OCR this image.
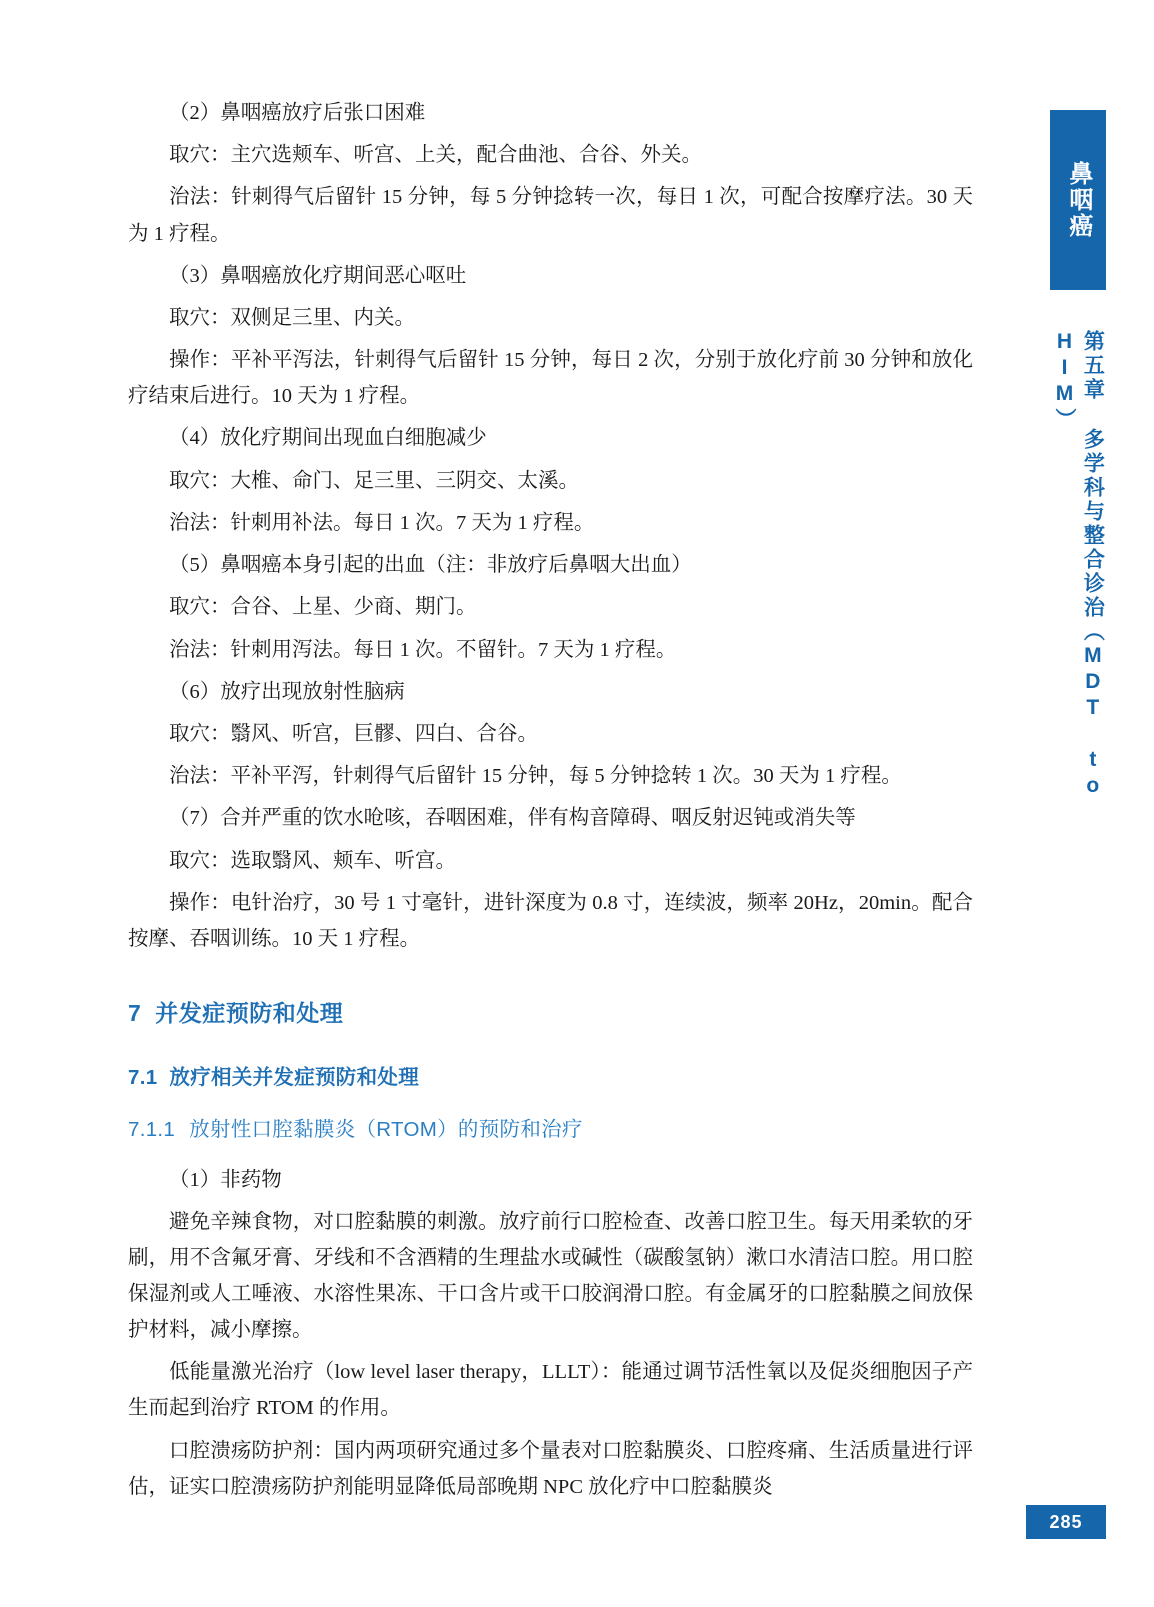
（2）鼻咽癌放疗后张口困难

取穴：主穴选颊车、听宫、上关，配合曲池、合谷、外关。

治法：针刺得气后留针 15 分钟，每 5 分钟捻转一次，每日 1 次，可配合按摩疗法。30 天为 1 疗程。

（3）鼻咽癌放化疗期间恶心呕吐

取穴：双侧足三里、内关。

操作：平补平泻法，针刺得气后留针 15 分钟，每日 2 次，分别于放化疗前 30 分钟和放化疗结束后进行。10 天为 1 疗程。

（4）放化疗期间出现血白细胞减少

取穴：大椎、命门、足三里、三阴交、太溪。

治法：针刺用补法。每日 1 次。7 天为 1 疗程。

（5）鼻咽癌本身引起的出血（注：非放疗后鼻咽大出血）

取穴：合谷、上星、少商、期门。

治法：针刺用泻法。每日 1 次。不留针。7 天为 1 疗程。

（6）放疗出现放射性脑病

取穴：翳风、听宫，巨髎、四白、合谷。

治法：平补平泻，针刺得气后留针 15 分钟，每 5 分钟捻转 1 次。30 天为 1 疗程。

（7）合并严重的饮水呛咳，吞咽困难，伴有构音障碍、咽反射迟钝或消失等

取穴：选取翳风、颊车、听宫。

操作：电针治疗，30 号 1 寸毫针，进针深度为 0.8 寸，连续波，频率 20Hz，20min。配合按摩、吞咽训练。10 天 1 疗程。

7 并发症预防和处理

7.1 放疗相关并发症预防和处理

7.1.1 放射性口腔黏膜炎（RTOM）的预防和治疗

（1）非药物

避免辛辣食物，对口腔黏膜的刺激。放疗前行口腔检查、改善口腔卫生。每天用柔软的牙刷，用不含氟牙膏、牙线和不含酒精的生理盐水或碱性（碳酸氢钠）漱口水清洁口腔。用口腔保湿剂或人工唾液、水溶性果冻、干口含片或干口胶润滑口腔。有金属牙的口腔黏膜之间放保护材料，减小摩擦。

低能量激光治疗（low level laser therapy，LLLT）：能通过调节活性氧以及促炎细胞因子产生而起到治疗 RTOM 的作用。

口腔溃疡防护剂：国内两项研究通过多个量表对口腔黏膜炎、口腔疼痛、生活质量进行评估，证实口腔溃疡防护剂能明显降低局部晚期 NPC 放化疗中口腔黏膜炎

鼻咽癌
第五章 多学科与整合诊治（MDT to HIM）
285
